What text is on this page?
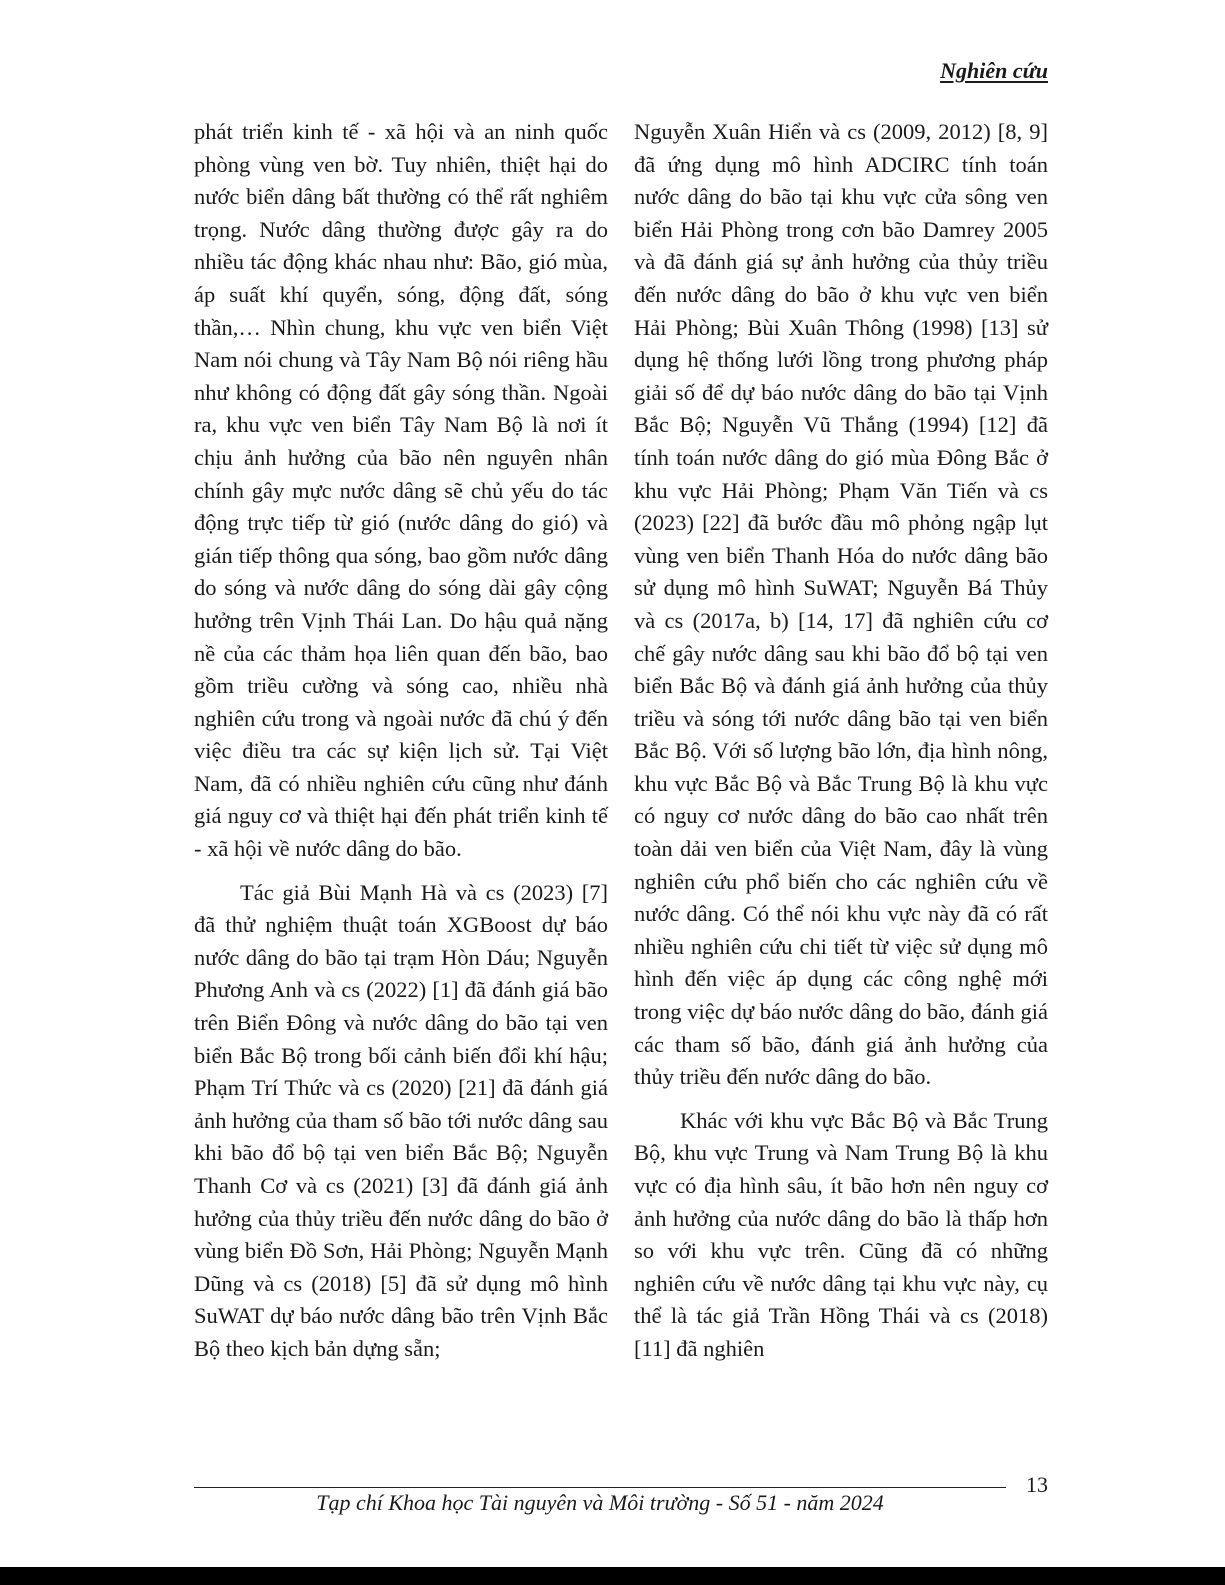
Nghiên cứu

phát triển kinh tế - xã hội và an ninh quốc phòng vùng ven bờ. Tuy nhiên, thiệt hại do nước biển dâng bất thường có thể rất nghiêm trọng. Nước dâng thường được gây ra do nhiều tác động khác nhau như: Bão, gió mùa, áp suất khí quyển, sóng, động đất, sóng thần,… Nhìn chung, khu vực ven biển Việt Nam nói chung và Tây Nam Bộ nói riêng hầu như không có động đất gây sóng thần. Ngoài ra, khu vực ven biển Tây Nam Bộ là nơi ít chịu ảnh hưởng của bão nên nguyên nhân chính gây mực nước dâng sẽ chủ yếu do tác động trực tiếp từ gió (nước dâng do gió) và gián tiếp thông qua sóng, bao gồm nước dâng do sóng và nước dâng do sóng dài gây cộng hưởng trên Vịnh Thái Lan. Do hậu quả nặng nề của các thảm họa liên quan đến bão, bao gồm triều cường và sóng cao, nhiều nhà nghiên cứu trong và ngoài nước đã chú ý đến việc điều tra các sự kiện lịch sử. Tại Việt Nam, đã có nhiều nghiên cứu cũng như đánh giá nguy cơ và thiệt hại đến phát triển kinh tế - xã hội về nước dâng do bão.

Tác giả Bùi Mạnh Hà và cs (2023) [7] đã thử nghiệm thuật toán XGBoost dự báo nước dâng do bão tại trạm Hòn Dáu; Nguyễn Phương Anh và cs (2022) [1] đã đánh giá bão trên Biển Đông và nước dâng do bão tại ven biển Bắc Bộ trong bối cảnh biến đổi khí hậu; Phạm Trí Thức và cs (2020) [21] đã đánh giá ảnh hưởng của tham số bão tới nước dâng sau khi bão đổ bộ tại ven biển Bắc Bộ; Nguyễn Thanh Cơ và cs (2021) [3] đã đánh giá ảnh hưởng của thủy triều đến nước dâng do bão ở vùng biển Đồ Sơn, Hải Phòng; Nguyễn Mạnh Dũng và cs (2018) [5] đã sử dụng mô hình SuWAT dự báo nước dâng bão trên Vịnh Bắc Bộ theo kịch bản dựng sẵn;

Nguyễn Xuân Hiển và cs (2009, 2012) [8, 9] đã ứng dụng mô hình ADCIRC tính toán nước dâng do bão tại khu vực cửa sông ven biển Hải Phòng trong cơn bão Damrey 2005 và đã đánh giá sự ảnh hưởng của thủy triều đến nước dâng do bão ở khu vực ven biển Hải Phòng; Bùi Xuân Thông (1998) [13] sử dụng hệ thống lưới lồng trong phương pháp giải số để dự báo nước dâng do bão tại Vịnh Bắc Bộ; Nguyễn Vũ Thắng (1994) [12] đã tính toán nước dâng do gió mùa Đông Bắc ở khu vực Hải Phòng; Phạm Văn Tiến và cs (2023) [22] đã bước đầu mô phỏng ngập lụt vùng ven biển Thanh Hóa do nước dâng bão sử dụng mô hình SuWAT; Nguyễn Bá Thủy và cs (2017a, b) [14, 17] đã nghiên cứu cơ chế gây nước dâng sau khi bão đổ bộ tại ven biển Bắc Bộ và đánh giá ảnh hưởng của thủy triều và sóng tới nước dâng bão tại ven biển Bắc Bộ. Với số lượng bão lớn, địa hình nông, khu vực Bắc Bộ và Bắc Trung Bộ là khu vực có nguy cơ nước dâng do bão cao nhất trên toàn dải ven biển của Việt Nam, đây là vùng nghiên cứu phổ biến cho các nghiên cứu về nước dâng. Có thể nói khu vực này đã có rất nhiều nghiên cứu chi tiết từ việc sử dụng mô hình đến việc áp dụng các công nghệ mới trong việc dự báo nước dâng do bão, đánh giá các tham số bão, đánh giá ảnh hưởng của thủy triều đến nước dâng do bão.

Khác với khu vực Bắc Bộ và Bắc Trung Bộ, khu vực Trung và Nam Trung Bộ là khu vực có địa hình sâu, ít bão hơn nên nguy cơ ảnh hưởng của nước dâng do bão là thấp hơn so với khu vực trên. Cũng đã có những nghiên cứu về nước dâng tại khu vực này, cụ thể là tác giả Trần Hồng Thái và cs (2018) [11] đã nghiên

13
Tạp chí Khoa học Tài nguyên và Môi trường - Số 51 - năm 2024
